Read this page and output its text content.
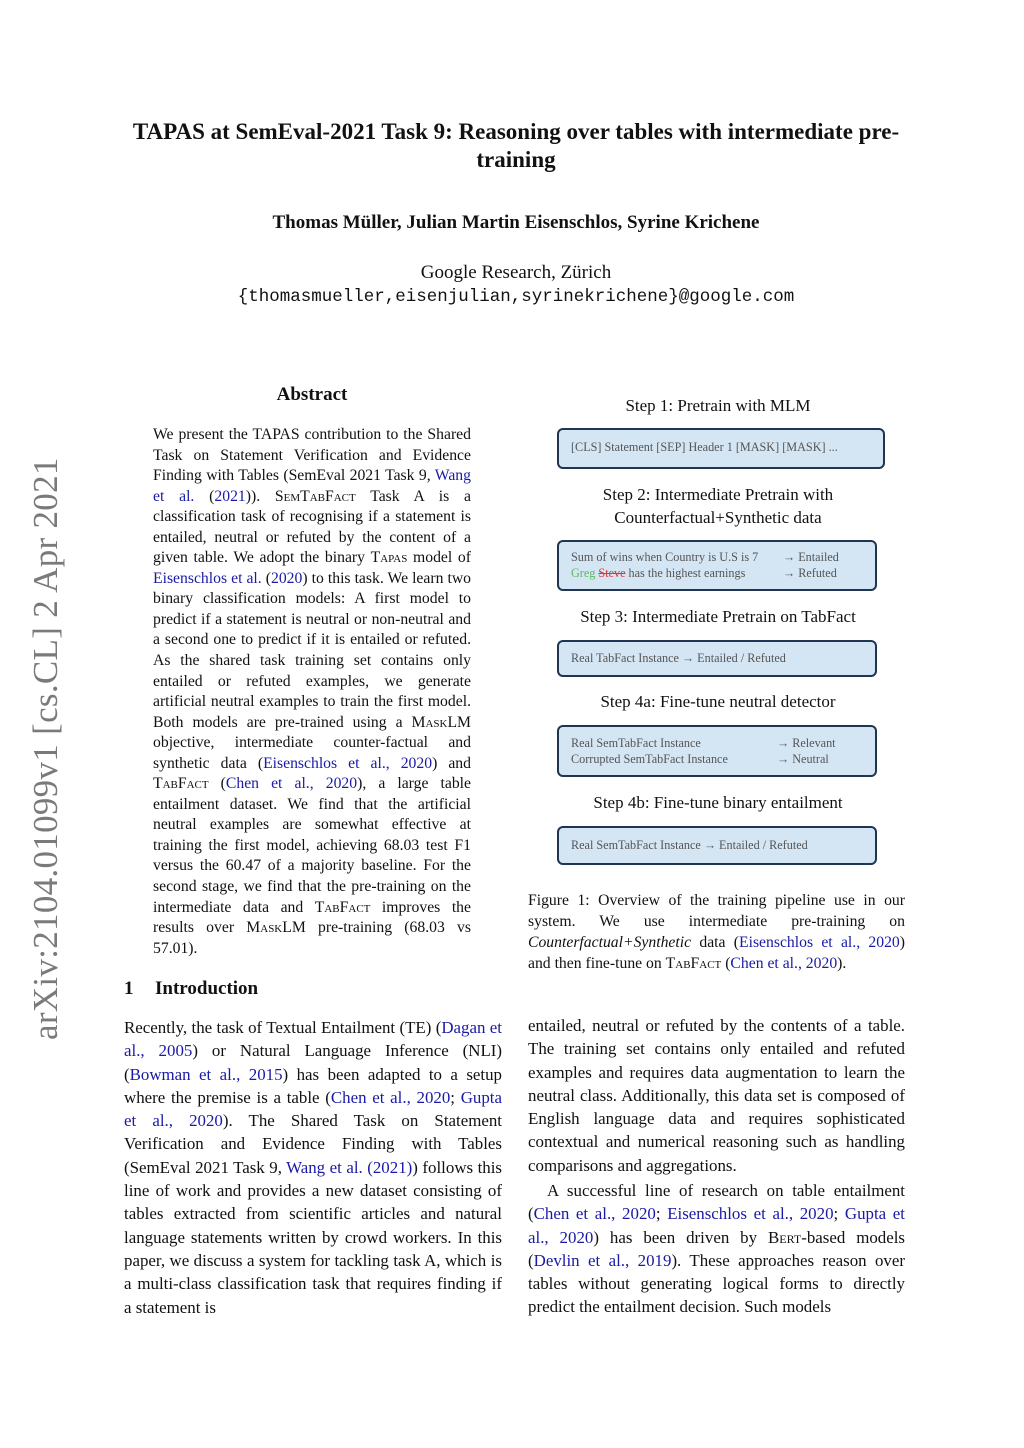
arXiv:2104.01099v1 [cs.CL] 2 Apr 2021
TAPAS at SemEval-2021 Task 9: Reasoning over tables with intermediate pre-training
Thomas Müller, Julian Martin Eisenschlos, Syrine Krichene
Google Research, Zürich
{thomasmueller,eisenjulian,syrinekrichene}@google.com
Abstract

We present the TAPAS contribution to the Shared Task on Statement Verification and Evidence Finding with Tables (SemEval 2021 Task 9, Wang et al. (2021)). SemTabFact Task A is a classification task of recognising if a statement is entailed, neutral or refuted by the content of a given table. We adopt the binary Tapas model of Eisenschlos et al. (2020) to this task. We learn two binary classification models: A first model to predict if a statement is neutral or non-neutral and a second one to predict if it is entailed or refuted. As the shared task training set contains only entailed or refuted examples, we generate artificial neutral examples to train the first model. Both models are pre-trained using a MaskLM objective, intermediate counter-factual and synthetic data (Eisenschlos et al., 2020) and TabFact (Chen et al., 2020), a large table entailment dataset. We find that the artificial neutral examples are somewhat effective at training the first model, achieving 68.03 test F1 versus the 60.47 of a majority baseline. For the second stage, we find that the pre-training on the intermediate data and TabFact improves the results over MaskLM pre-training (68.03 vs 57.01).

1 Introduction

Recently, the task of Textual Entailment (TE) (Dagan et al., 2005) or Natural Language Inference (NLI) (Bowman et al., 2015) has been adapted to a setup where the premise is a table (Chen et al., 2020; Gupta et al., 2020). The Shared Task on Statement Verification and Evidence Finding with Tables (SemEval 2021 Task 9, Wang et al. (2021)) follows this line of work and provides a new dataset consisting of tables extracted from scientific articles and natural language statements written by crowd workers. In this paper, we discuss a system for tackling task A, which is a multi-class classification task that requires finding if a statement is

entailed, neutral or refuted by the contents of a table. The training set contains only entailed and refuted examples and requires data augmentation to learn the neutral class. Additionally, this data set is composed of English language data and requires sophisticated contextual and numerical reasoning such as handling comparisons and aggregations.

A successful line of research on table entailment (Chen et al., 2020; Eisenschlos et al., 2020; Gupta et al., 2020) has been driven by Bert-based models (Devlin et al., 2019). These approaches reason over tables without generating logical forms to directly predict the entailment decision. Such models

Step 1: Pretrain with MLM
[CLS] Statement [SEP] Header 1 [MASK] [MASK] ...
Step 2: Intermediate Pretrain with
Counterfactual+Synthetic data
Sum of wins when Country is U.S is 7 → Entailed
Greg Steve has the highest earnings	→ Refuted
Step 3: Intermediate Pretrain on TabFact
Real TabFact Instance → Entailed / Refuted
Step 4a: Fine-tune neutral detector
Real SemTabFact Instance	→ Relevant
Corrupted SemTabFact Instance	→ Neutral
Step 4b: Fine-tune binary entailment
Real SemTabFact Instance → Entailed / Refuted

Figure 1: Overview of the training pipeline use in our system. We use intermediate pre-training on Counterfactual+Synthetic data (Eisenschlos et al., 2020) and then fine-tune on TabFact (Chen et al., 2020).
